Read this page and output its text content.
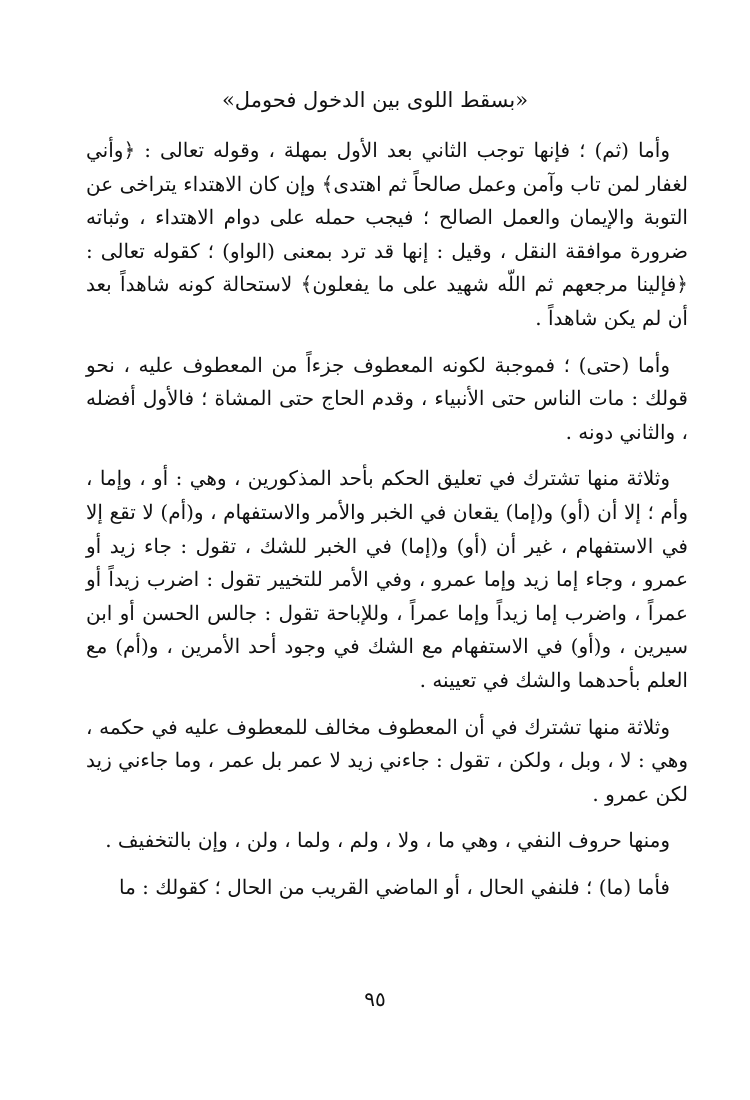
«بسقط اللوى بين الدخول فحومل»

وأما (ثم) ؛ فإنها توجب الثاني بعد الأول بمهلة ، وقوله تعالى : ﴿وأني لغفار لمن تاب وآمن وعمل صالحاً ثم اهتدى﴾ وإن كان الاهتداء يتراخى عن التوبة والإيمان والعمل الصالح ؛ فيجب حمله على دوام الاهتداء ، وثباته ضرورة موافقة النقل ، وقيل : إنها قد ترد بمعنى (الواو) ؛ كقوله تعالى : ﴿فإلينا مرجعهم ثم اللّه شهيد على ما يفعلون﴾ لاستحالة كونه شاهداً بعد أن لم يكن شاهداً .

وأما (حتى) ؛ فموجبة لكونه المعطوف جزءاً من المعطوف عليه ، نحو قولك : مات الناس حتى الأنبياء ، وقدم الحاج حتى المشاة ؛ فالأول أفضله ، والثاني دونه .

وثلاثة منها تشترك في تعليق الحكم بأحد المذكورين ، وهي : أو ، وإما ، وأم ؛ إلا أن (أو) و(إما) يقعان في الخبر والأمر والاستفهام ، و(أم) لا تقع إلا في الاستفهام ، غير أن (أو) و(إما) في الخبر للشك ، تقول : جاء زيد أو عمرو ، وجاء إما زيد وإما عمرو ، وفي الأمر للتخيير تقول : اضرب زيداً أو عمراً ، واضرب إما زيداً وإما عمراً ، وللإباحة تقول : جالس الحسن أو ابن سيرين ، و(أو) في الاستفهام مع الشك في وجود أحد الأمرين ، و(أم) مع العلم بأحدهما والشك في تعيينه .

وثلاثة منها تشترك في أن المعطوف مخالف للمعطوف عليه في حكمه ، وهي : لا ، وبل ، ولكن ، تقول : جاءني زيد لا عمر بل عمر ، وما جاءني زيد لكن عمرو .

ومنها حروف النفي ، وهي ما ، ولا ، ولم ، ولما ، ولن ، وإن بالتخفيف .

فأما (ما) ؛ فلنفي الحال ، أو الماضي القريب من الحال ؛ كقولك : ما

٩٥
